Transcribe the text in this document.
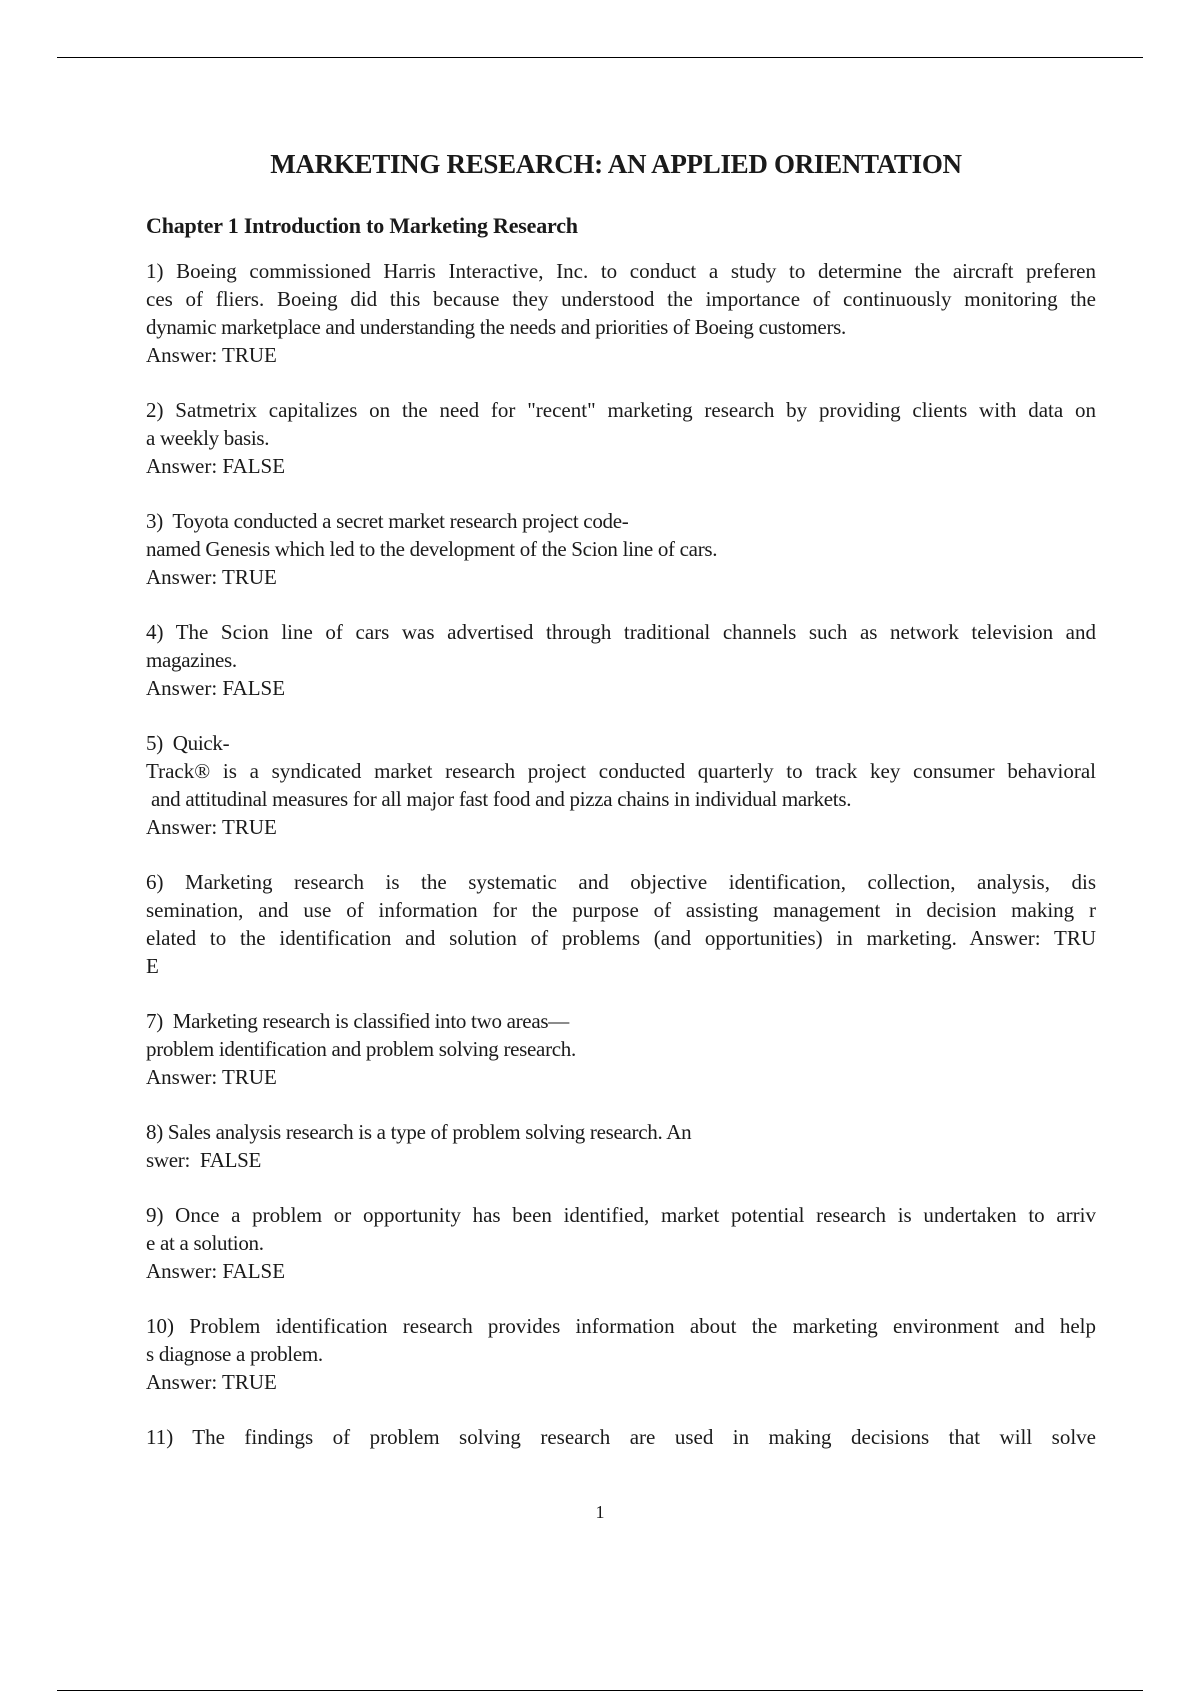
MARKETING RESEARCH: AN APPLIED ORIENTATION
Chapter 1 Introduction to Marketing Research
1) Boeing commissioned Harris Interactive, Inc. to conduct a study to determine the aircraft preferen
ces of fliers. Boeing did this because they understood the importance of continuously monitoring the
dynamic marketplace and understanding the needs and priorities of Boeing customers.
Answer: TRUE
2) Satmetrix capitalizes on the need for "recent" marketing research by providing clients with data on
a weekly basis.
Answer: FALSE
3)  Toyota conducted a secret market research project code-
named Genesis which led to the development of the Scion line of cars.
Answer: TRUE
4) The Scion line of cars was advertised through traditional channels such as network television and
magazines.
Answer: FALSE
5)  Quick-
Track® is a syndicated market research project conducted quarterly to track key consumer behavioral
and attitudinal measures for all major fast food and pizza chains in individual markets.
Answer: TRUE
6) Marketing research is the systematic and objective identification, collection, analysis, dis
semination, and use of information for the purpose of assisting management in decision making r
elated to the identification and solution of problems (and opportunities) in marketing. Answer: TRU
E
7)  Marketing research is classified into two areas—
problem identification and problem solving research.
Answer: TRUE
8) Sales analysis research is a type of problem solving research. An
swer:  FALSE
9) Once a problem or opportunity has been identified, market potential research is undertaken to arriv
e at a solution.
Answer: FALSE
10) Problem identification research provides information about the marketing environment and help
s diagnose a problem.
Answer: TRUE
11) The findings of problem solving research are used in making decisions that will solve
1
